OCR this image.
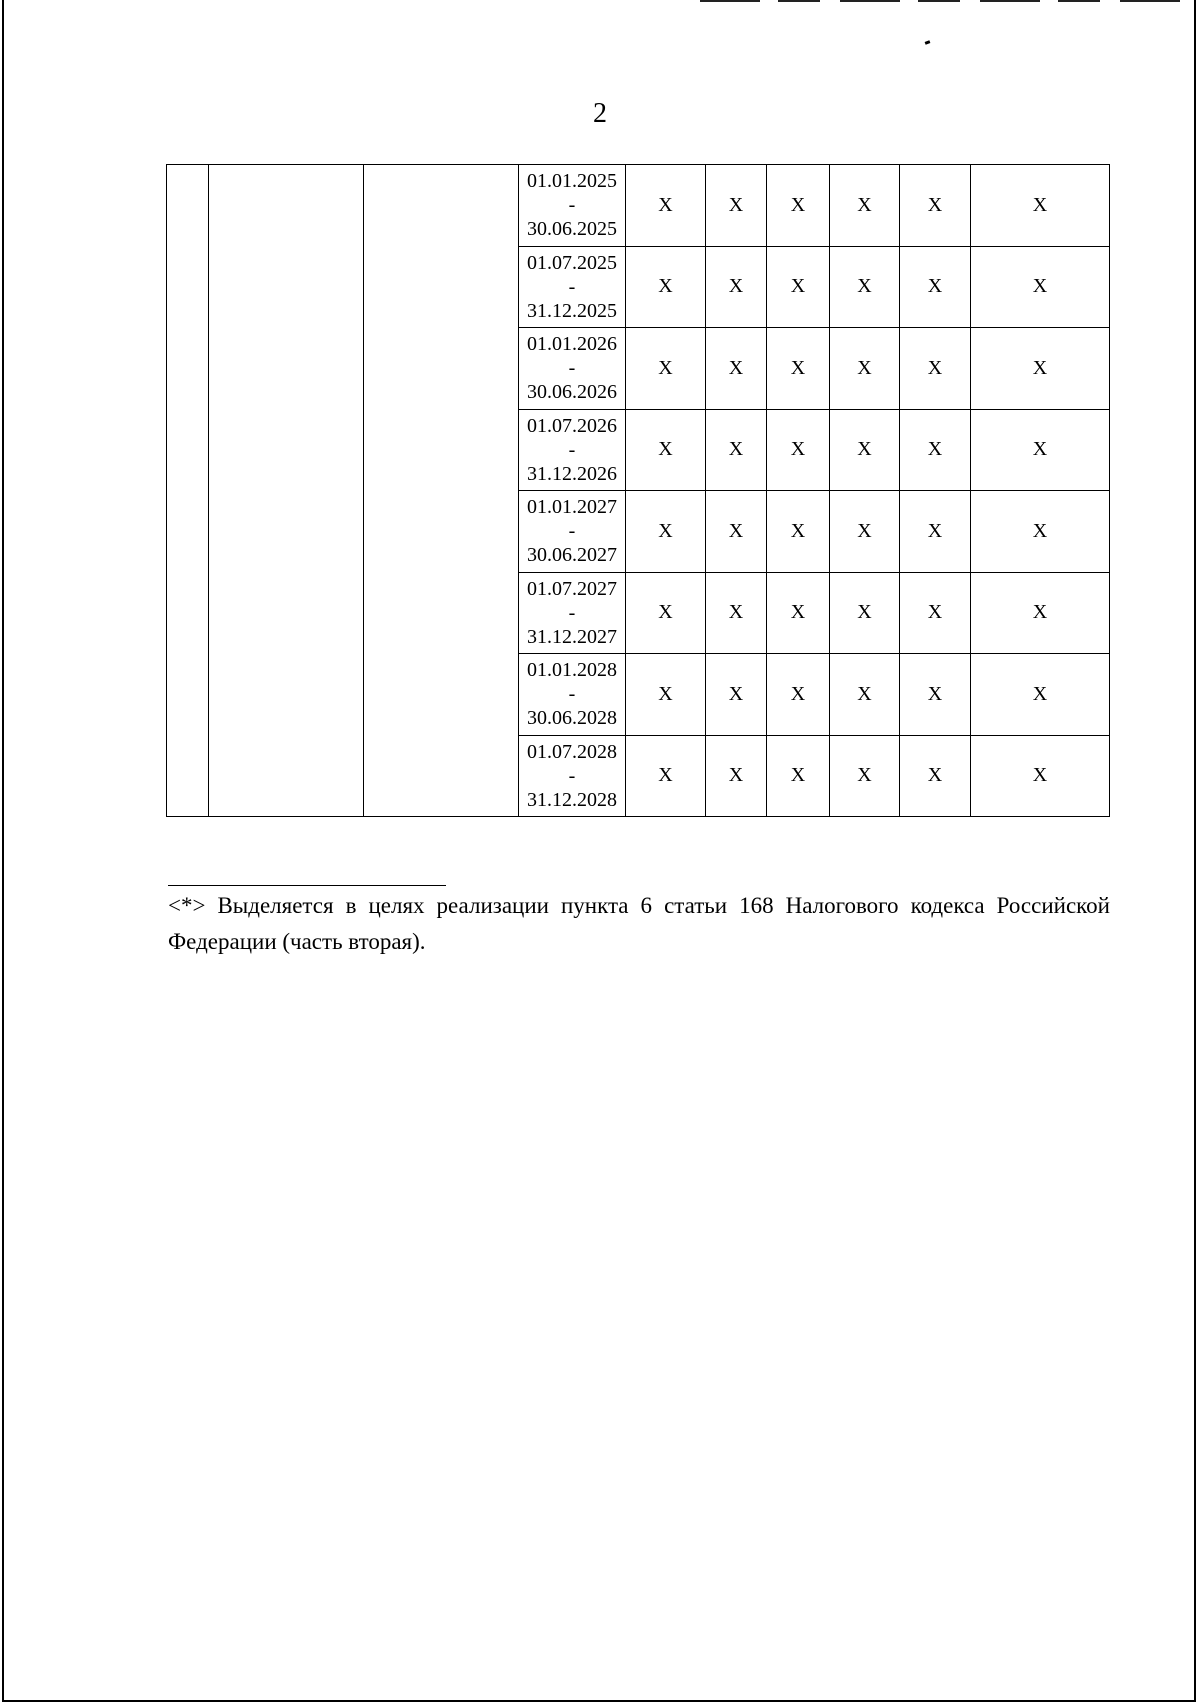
2

			01.01.2025
-
30.06.2025	X	X	X	X	X	X

			01.07.2025
-
31.12.2025	X	X	X	X	X	X

			01.01.2026
-
30.06.2026	X	X	X	X	X	X

			01.07.2026
-
31.12.2026	X	X	X	X	X	X

			01.01.2027
-
30.06.2027	X	X	X	X	X	X

			01.07.2027
-
31.12.2027	X	X	X	X	X	X

			01.01.2028
-
30.06.2028	X	X	X	X	X	X

			01.07.2028
-
31.12.2028	X	X	X	X	X	X
<*> Выделяется в целях реализации пункта 6 статьи 168 Налогового кодекса Российской Федерации (часть вторая).
